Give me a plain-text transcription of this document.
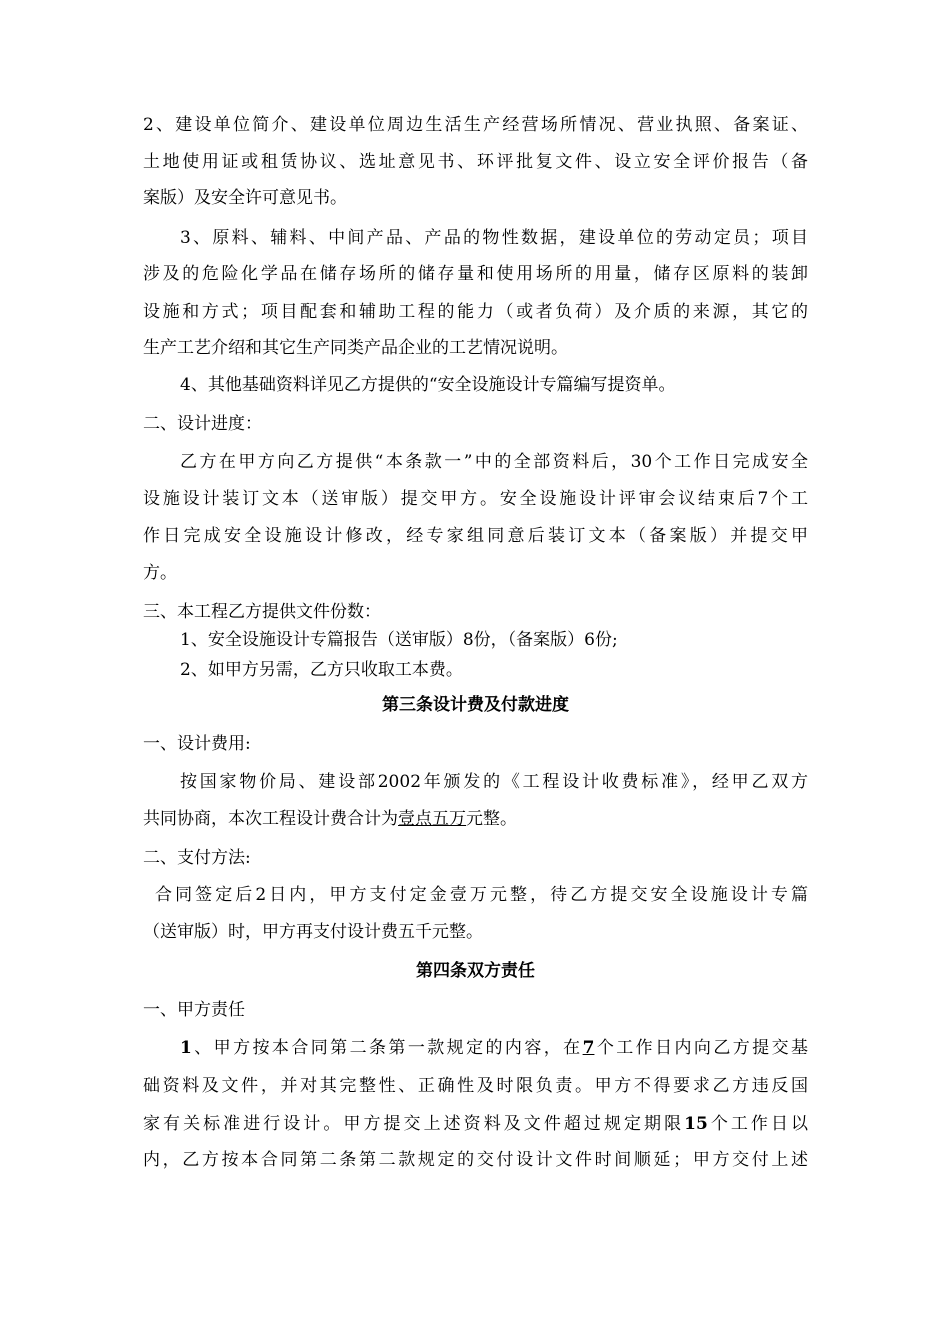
2、建设单位简介、建设单位周边生活生产经营场所情况、营业执照、备案证、
土地使用证或租赁协议、选址意见书、环评批复文件、设立安全评价报告（备
案版）及安全许可意见书。
3、原料、辅料、中间产品、产品的物性数据，建设单位的劳动定员；项目
涉及的危险化学品在储存场所的储存量和使用场所的用量，储存区原料的装卸
设施和方式；项目配套和辅助工程的能力（或者负荷）及介质的来源，其它的
生产工艺介绍和其它生产同类产品企业的工艺情况说明。
4、其他基础资料详见乙方提供的“安全设施设计专篇编写提资单。
二、设计进度：
乙方在甲方向乙方提供“本条款一”中的全部资料后，30个工作日完成安全
设施设计装订文本（送审版）提交甲方。安全设施设计评审会议结束后7个工
作日完成安全设施设计修改，经专家组同意后装订文本（备案版）并提交甲
方。
三、本工程乙方提供文件份数：
1、安全设施设计专篇报告（送审版）8份，（备案版）6份;
2、如甲方另需，乙方只收取工本费。
第三条设计费及付款进度
一、设计费用:
按国家物价局、建设部2002年颁发的《工程设计收费标准》，经甲乙双方
共同协商，本次工程设计费合计为壹点五万元整。
二、支付方法:
合同签定后2日内，甲方支付定金壹万元整，待乙方提交安全设施设计专篇
（送审版）时，甲方再支付设计费五千元整。
第四条双方责任
一、甲方责任
1、甲方按本合同第二条第一款规定的内容，在7个工作日内向乙方提交基
础资料及文件，并对其完整性、正确性及时限负责。甲方不得要求乙方违反国
家有关标准进行设计。甲方提交上述资料及文件超过规定期限15个工作日以
内，乙方按本合同第二条第二款规定的交付设计文件时间顺延；甲方交付上述
